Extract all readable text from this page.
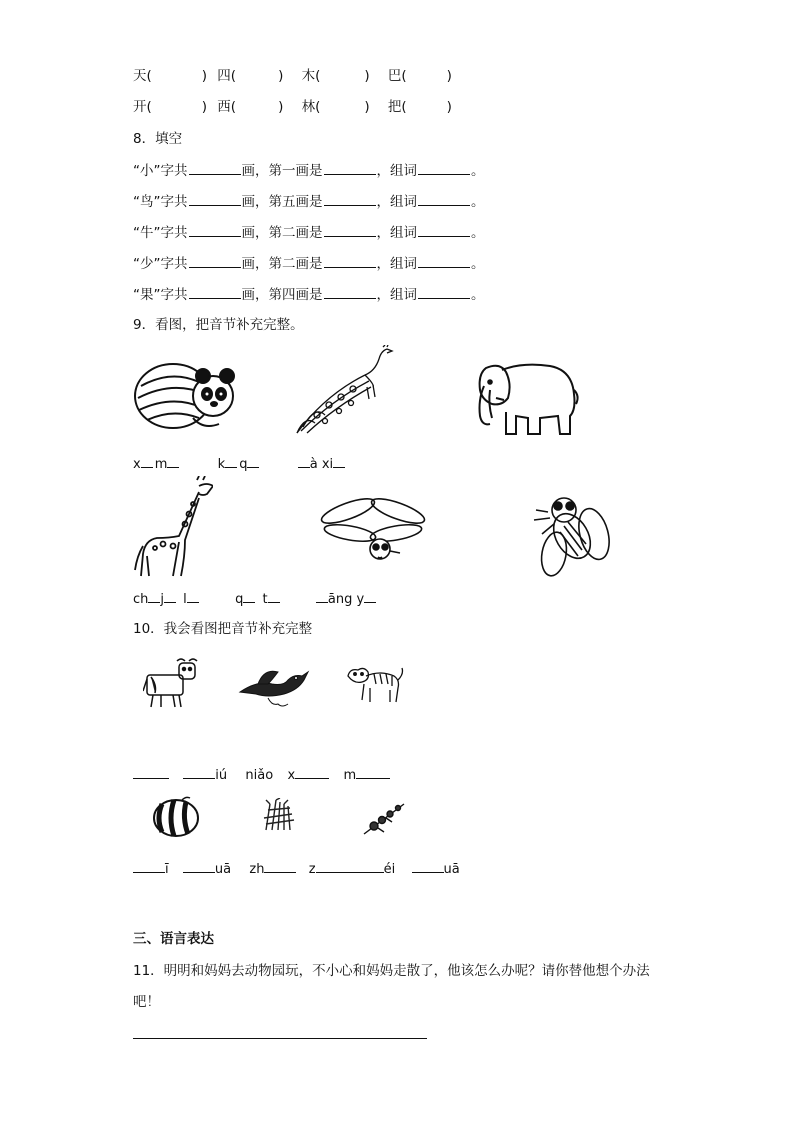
天(	) 四(	) 木(	) 巴(	)
开(	) 西(	) 林(	) 把(	)
8．填空
“小”字共	画，第一画是	，组词	。
“鸟”字共	画，第五画是	，组词	。
“牛”字共	画，第二画是	，组词	。
“少”字共	画，第二画是	，组词	。
“果”字共	画，第四画是	，组词	。
9．看图，把音节补充完整。
x m	k q	à xi
ch j l	q t	āng y
10．我会看图把音节补充完整
iú niǎo x	m
ī	uā zh	z	éi	uā
三、语言表达
11．明明和妈妈去动物园玩，不小心和妈妈走散了，他该怎么办呢？请你替他想个办法
吧！
